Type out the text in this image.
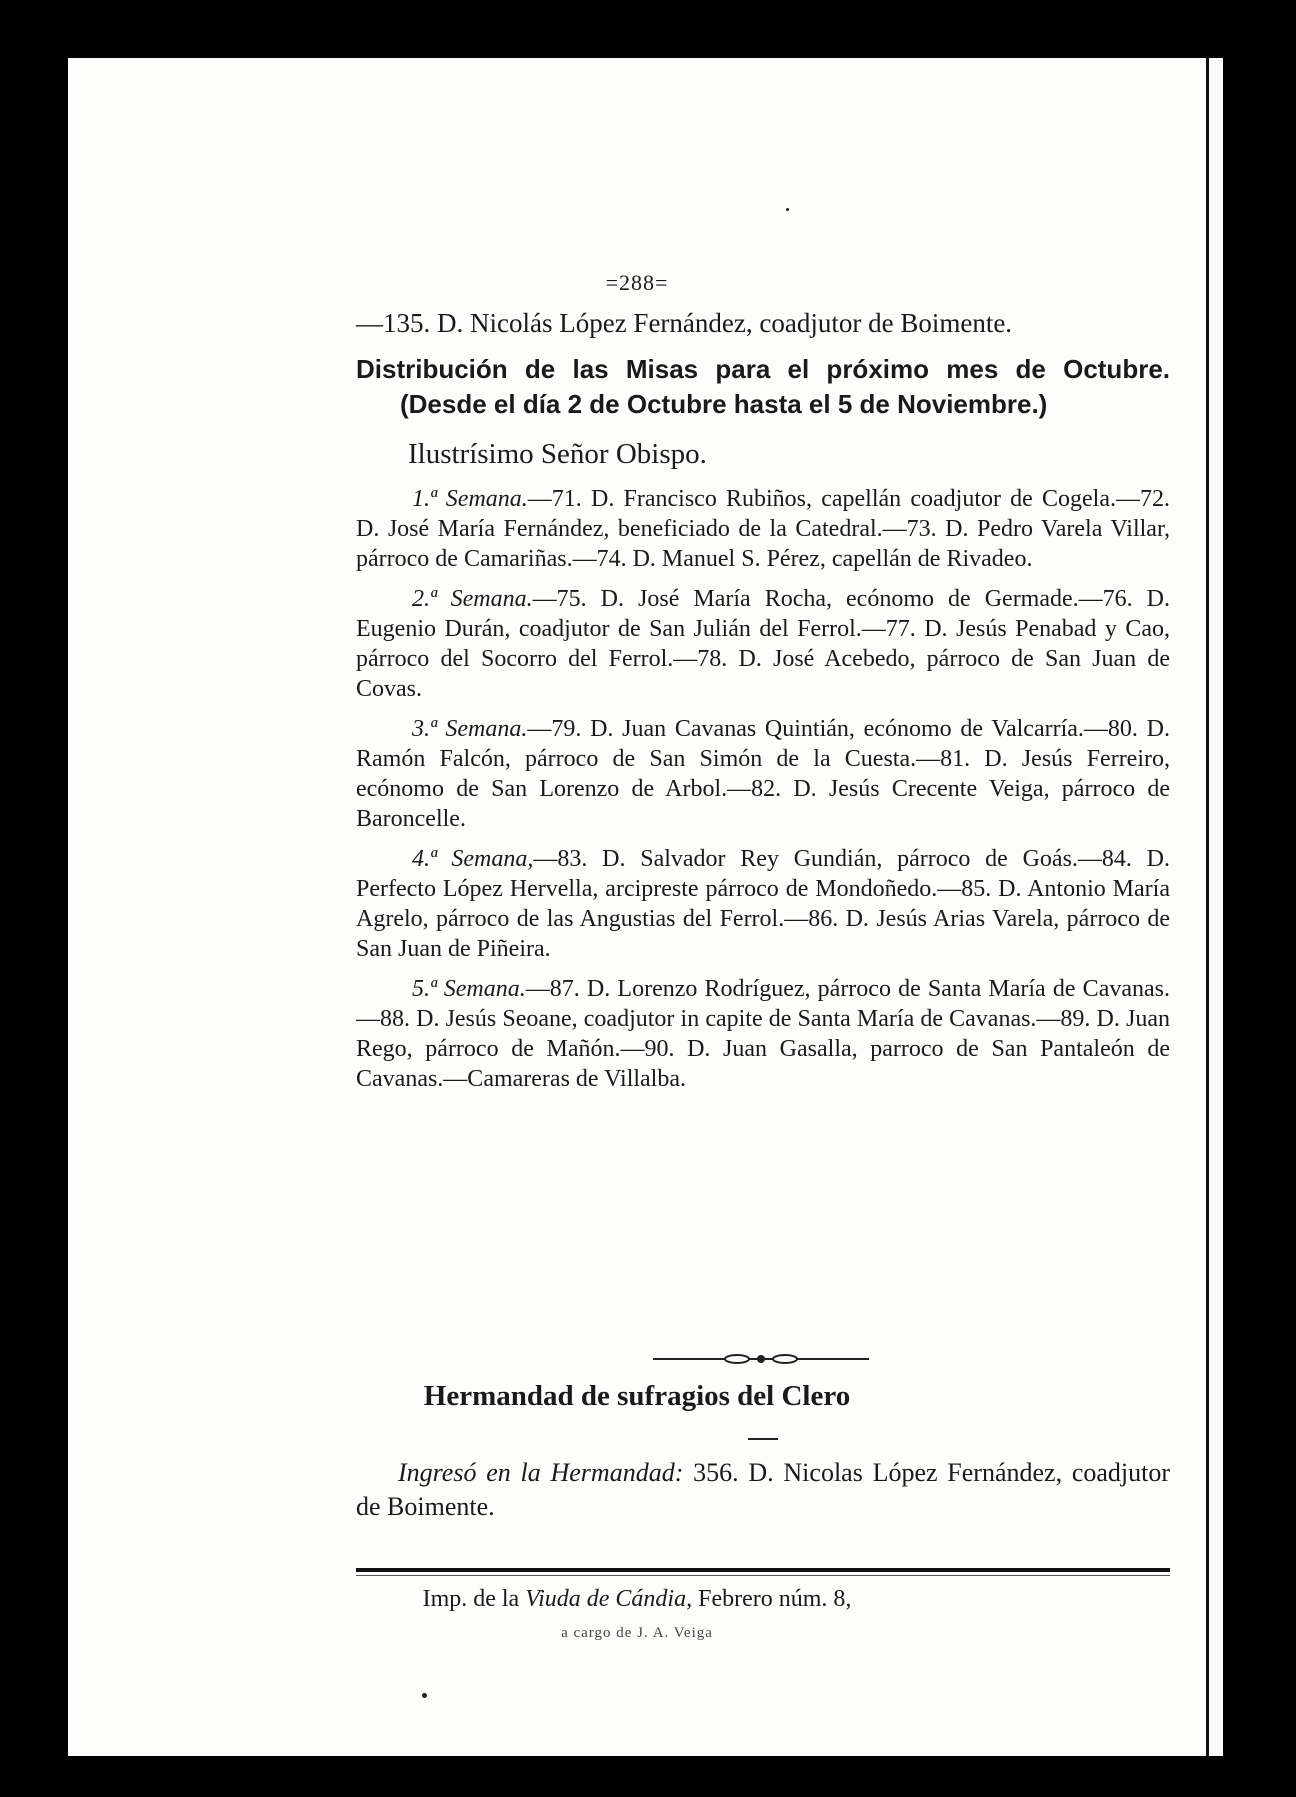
=288=

—135. D. Nicolás López Fernández, coadjutor de Boimente.

Distribución de las Misas para el próximo mes de Octubre. (Desde el día 2 de Octubre hasta el 5 de Noviembre.)

Ilustrísimo Señor Obispo.

1.ª Semana.—71. D. Francisco Rubiños, capellán coadjutor de Cogela.—72. D. José María Fernández, beneficiado de la Catedral.—73. D. Pedro Varela Villar, párroco de Camariñas.—74. D. Manuel S. Pérez, capellán de Rivadeo.

2.ª Semana.—75. D. José María Rocha, ecónomo de Germade.—76. D. Eugenio Durán, coadjutor de San Julián del Ferrol.—77. D. Jesús Penabad y Cao, párroco del Socorro del Ferrol.—78. D. José Acebedo, párroco de San Juan de Covas.

3.ª Semana.—79. D. Juan Cavanas Quintián, ecónomo de Valcarría.—80. D. Ramón Falcón, párroco de San Simón de la Cuesta.—81. D. Jesús Ferreiro, ecónomo de San Lorenzo de Arbol.—82. D. Jesús Crecente Veiga, párroco de Baroncelle.

4.ª Semana,—83. D. Salvador Rey Gundián, párroco de Goás.—84. D. Perfecto López Hervella, arcipreste párroco de Mondoñedo.—85. D. Antonio María Agrelo, párroco de las Angustias del Ferrol.—86. D. Jesús Arias Varela, párroco de San Juan de Piñeira.

5.ª Semana.—87. D. Lorenzo Rodríguez, párroco de Santa María de Cavanas.—88. D. Jesús Seoane, coadjutor in capite de Santa María de Cavanas.—89. D. Juan Rego, párroco de Mañón.—90. D. Juan Gasalla, parroco de San Pantaleón de Cavanas.—Camareras de Villalba.

Hermandad de sufragios del Clero

Ingresó en la Hermandad: 356. D. Nicolas López Fernández, coadjutor de Boimente.

Imp. de la Viuda de Cándia, Febrero núm. 8,
a cargo de J. A. Veiga
